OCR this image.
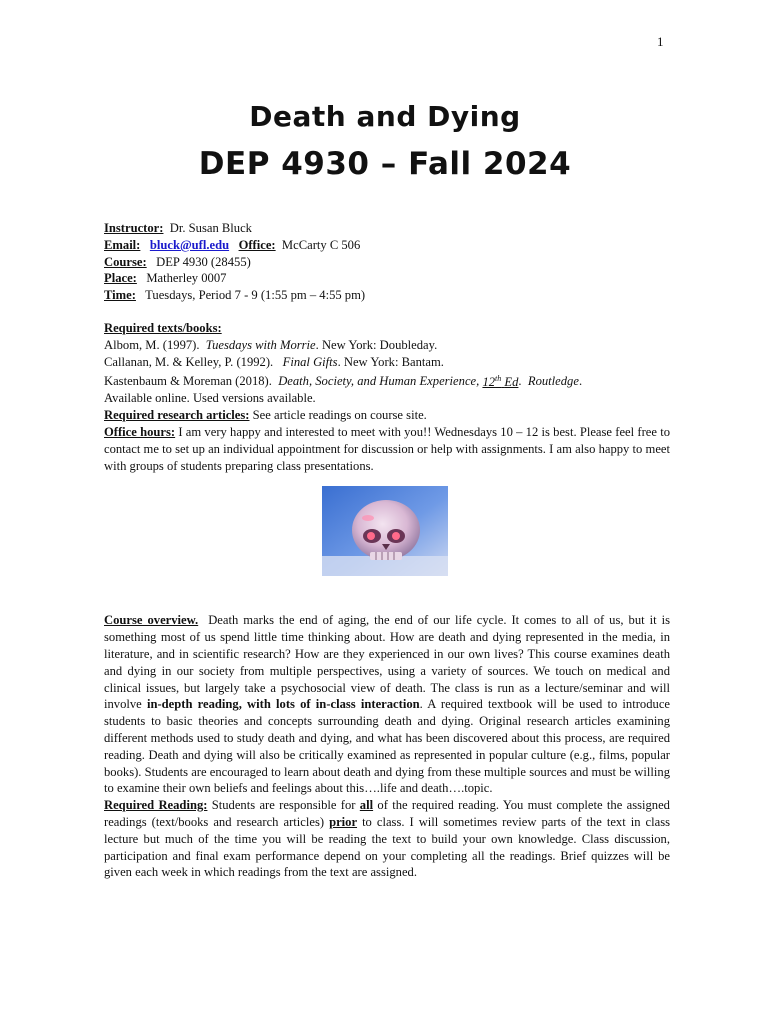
1
Death and Dying
DEP 4930 – Fall 2024
Instructor: Dr. Susan Bluck
Email: bluck@ufl.edu Office: McCarty C 506
Course: DEP 4930 (28455)
Place: Matherley 0007
Time: Tuesdays, Period 7 - 9 (1:55 pm – 4:55 pm)
Required texts/books:
Albom, M. (1997). Tuesdays with Morrie. New York: Doubleday.
Callanan, M. & Kelley, P. (1992). Final Gifts. New York: Bantam.
Kastenbaum & Moreman (2018). Death, Society, and Human Experience, 12th Ed.  Routledge.
Available online. Used versions available.
Required research articles: See article readings on course site.
Office hours: I am very happy and interested to meet with you!! Wednesdays 10 – 12 is best. Please feel free to contact me to set up an individual appointment for discussion or help with assignments. I am also happy to meet with groups of students preparing class presentations.
Course overview. Death marks the end of aging, the end of our life cycle. It comes to all of us, but it is something most of us spend little time thinking about. How are death and dying represented in the media, in literature, and in scientific research? How are they experienced in our own lives? This course examines death and dying in our society from multiple perspectives, using a variety of sources. We touch on medical and clinical issues, but largely take a psychosocial view of death. The class is run as a lecture/seminar and will involve in-depth reading, with lots of in-class interaction. A required textbook will be used to introduce students to basic theories and concepts surrounding death and dying. Original research articles examining different methods used to study death and dying, and what has been discovered about this process, are required reading. Death and dying will also be critically examined as represented in popular culture (e.g., films, popular books). Students are encouraged to learn about death and dying from these multiple sources and must be willing to examine their own beliefs and feelings about this….life and death….topic.
Required Reading: Students are responsible for all of the required reading. You must complete the assigned readings (text/books and research articles) prior to class. I will sometimes review parts of the text in class lecture but much of the time you will be reading the text to build your own knowledge. Class discussion, participation and final exam performance depend on your completing all the readings. Brief quizzes will be given each week in which readings from the text are assigned.
